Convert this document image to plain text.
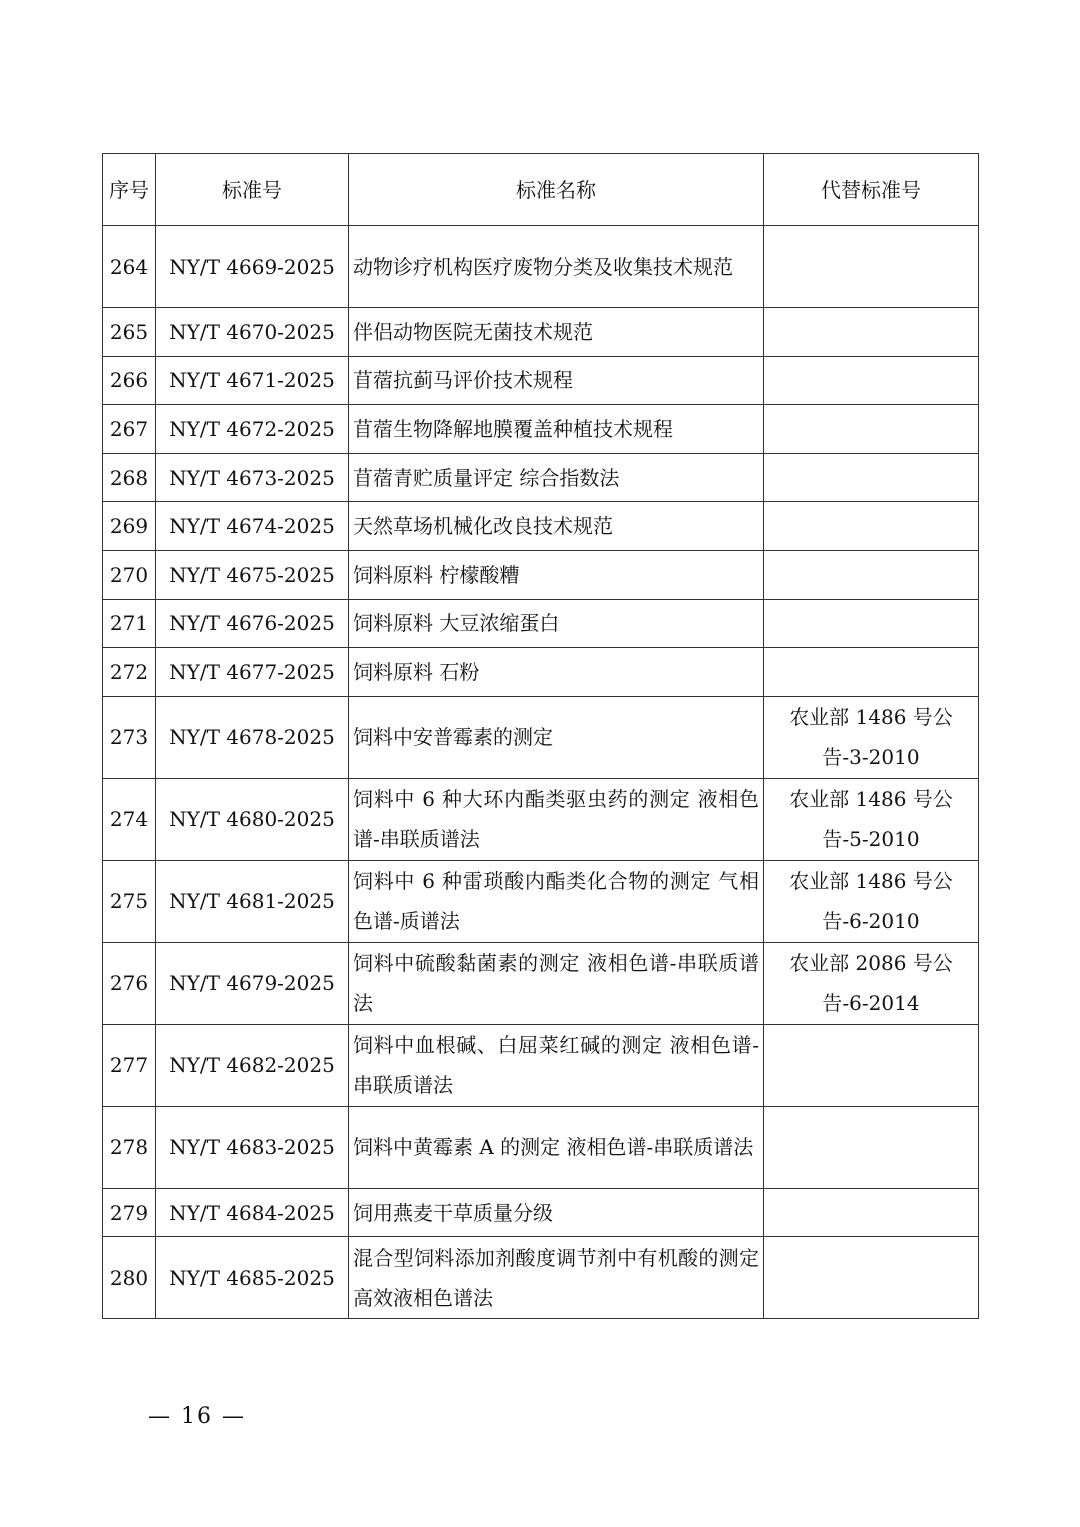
序号	标准号	标准名称	代替标准号
264	NY/T 4669-2025	动物诊疗机构医疗废物分类及收集技术规范	
265	NY/T 4670-2025	伴侣动物医院无菌技术规范	
266	NY/T 4671-2025	苜蓿抗蓟马评价技术规程	
267	NY/T 4672-2025	苜蓿生物降解地膜覆盖种植技术规程	
268	NY/T 4673-2025	苜蓿青贮质量评定 综合指数法	
269	NY/T 4674-2025	天然草场机械化改良技术规范	
270	NY/T 4675-2025	饲料原料 柠檬酸糟	
271	NY/T 4676-2025	饲料原料 大豆浓缩蛋白	
272	NY/T 4677-2025	饲料原料 石粉	
273	NY/T 4678-2025	饲料中安普霉素的测定	农业部 1486 号公告-3-2010
274	NY/T 4680-2025	饲料中 6 种大环内酯类驱虫药的测定 液相色谱-串联质谱法	农业部 1486 号公告-5-2010
275	NY/T 4681-2025	饲料中 6 种雷琐酸内酯类化合物的测定 气相色谱-质谱法	农业部 1486 号公告-6-2010
276	NY/T 4679-2025	饲料中硫酸黏菌素的测定 液相色谱-串联质谱法	农业部 2086 号公告-6-2014
277	NY/T 4682-2025	饲料中血根碱、白屈菜红碱的测定 液相色谱-串联质谱法	
278	NY/T 4683-2025	饲料中黄霉素 A 的测定 液相色谱-串联质谱法	
279	NY/T 4684-2025	饲用燕麦干草质量分级	
280	NY/T 4685-2025	混合型饲料添加剂酸度调节剂中有机酸的测定 高效液相色谱法	
— 16 —
